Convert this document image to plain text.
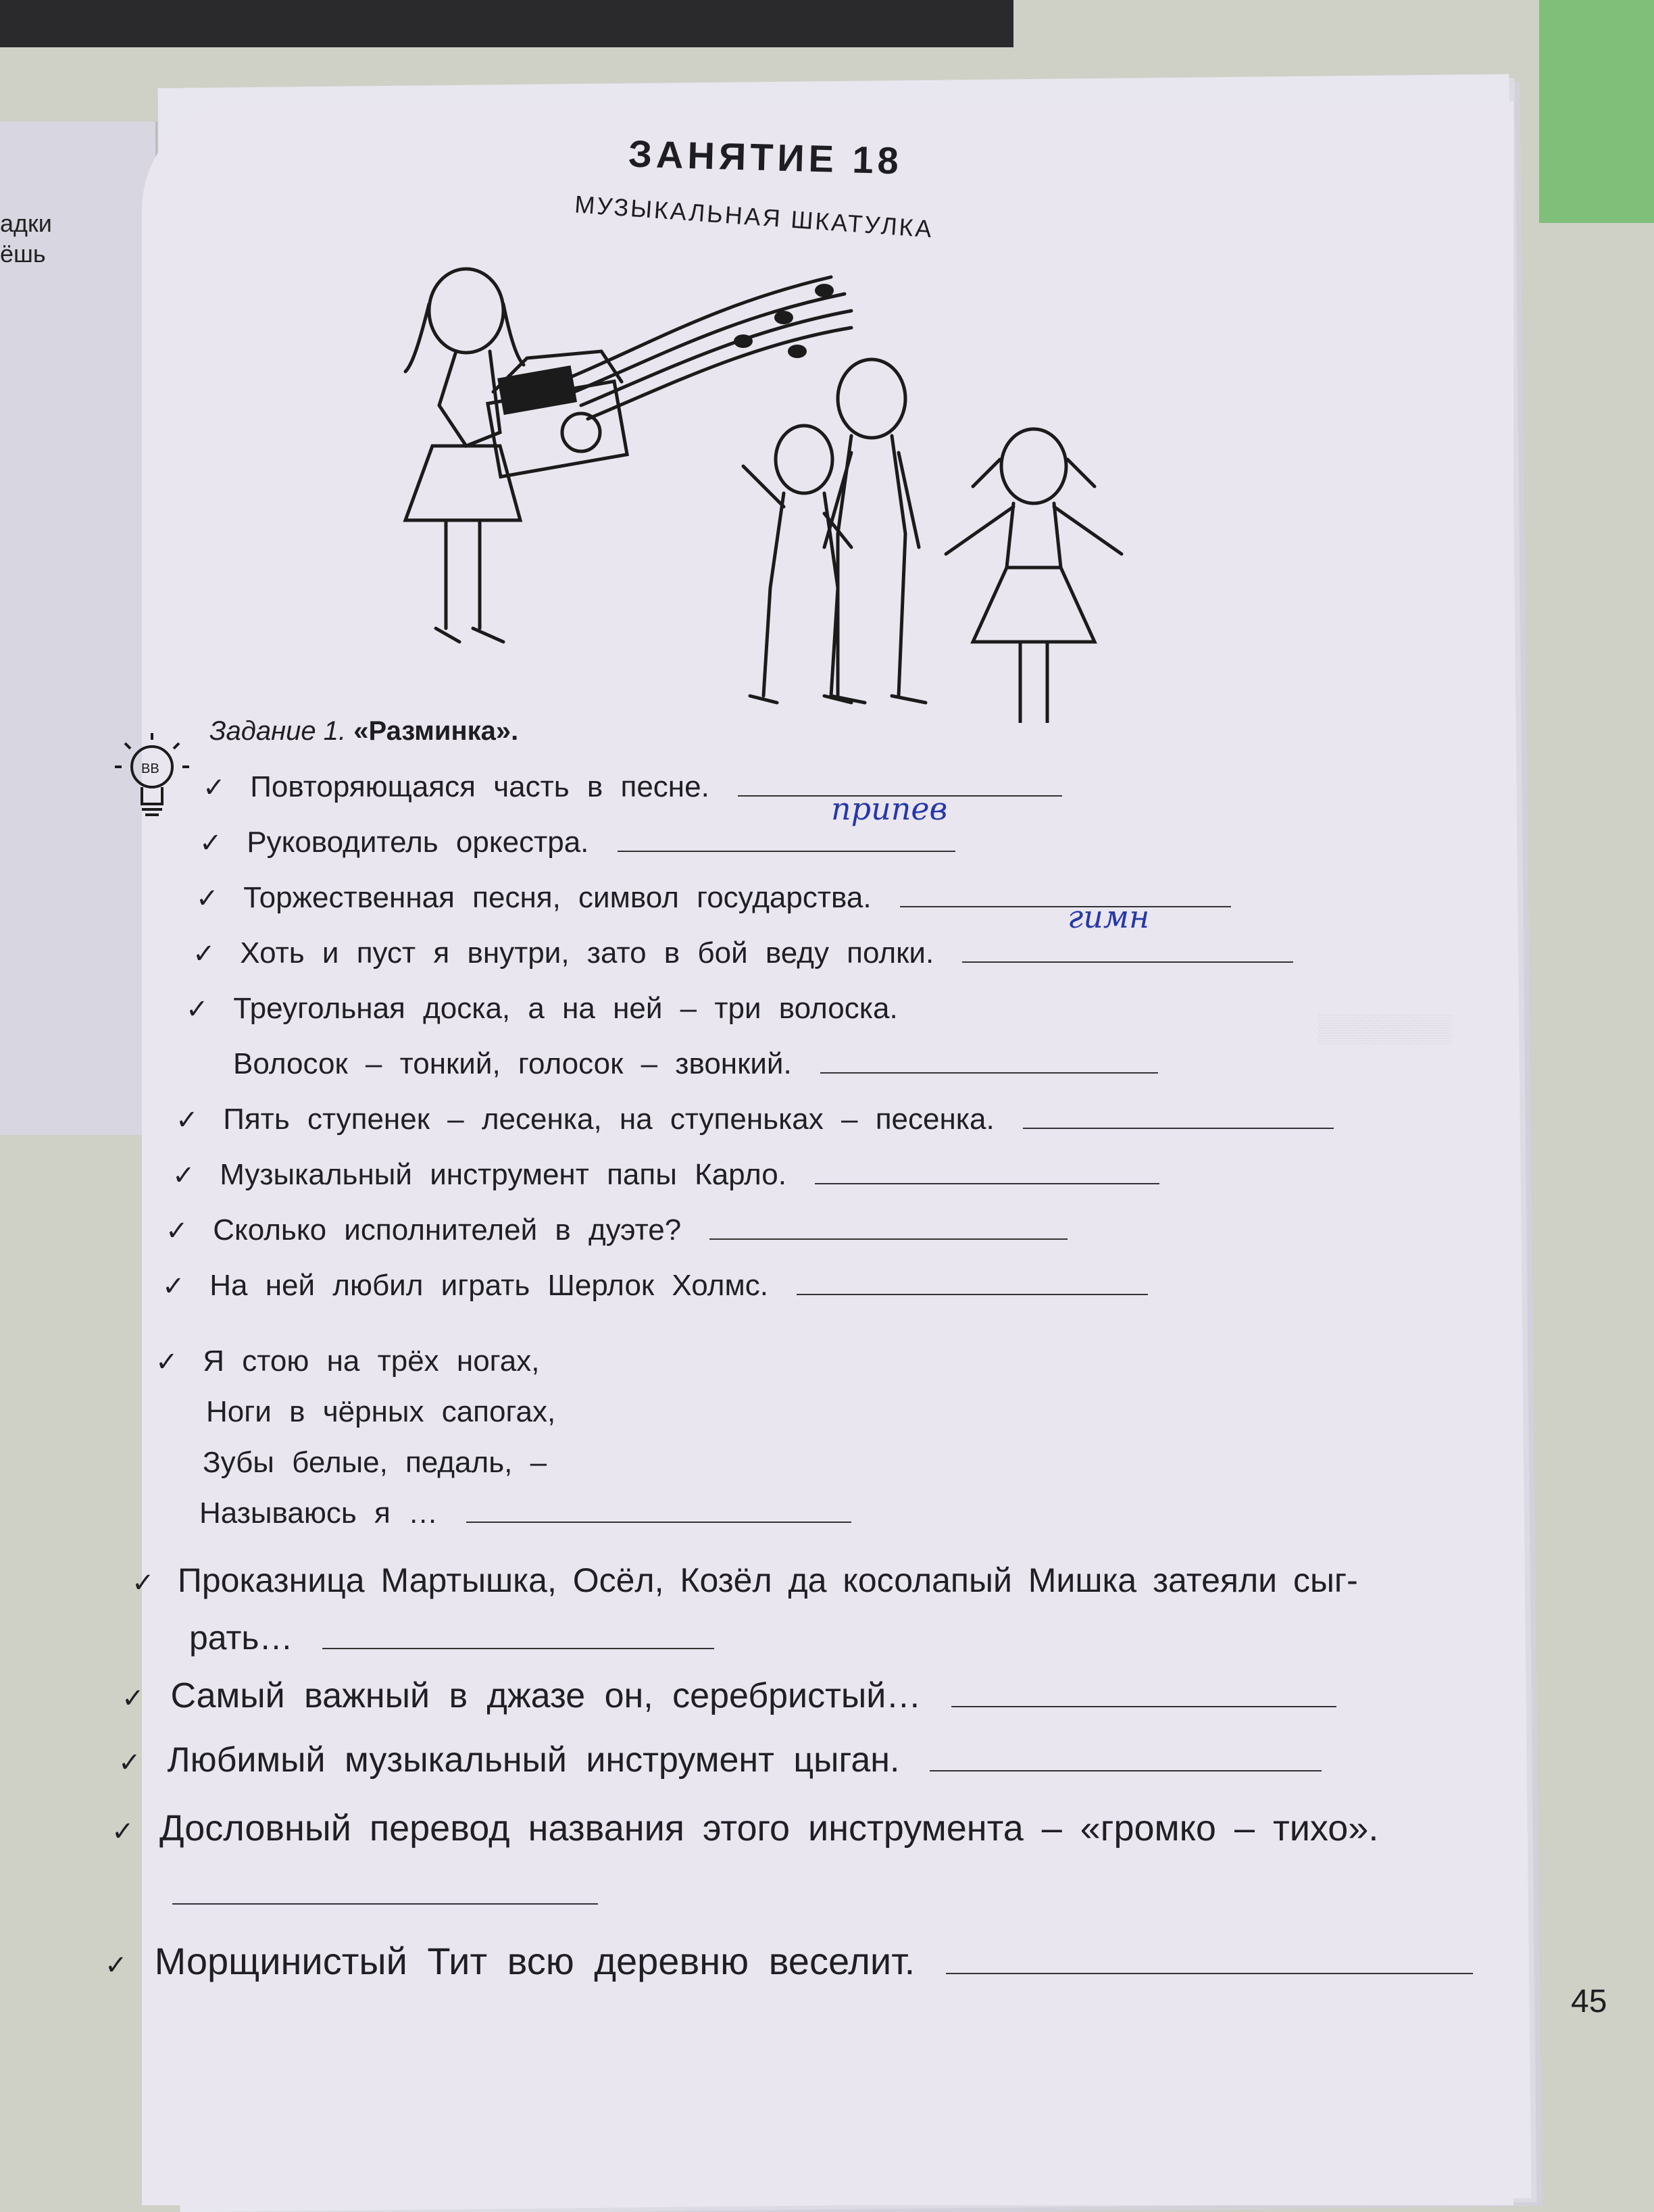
адки
ёшь
▒▒▒▒▒▒▒
ЗАНЯТИЕ 18
МУЗЫКАЛЬНАЯ ШКАТУЛКА
ВВ
Задание 1. «Разминка».
✓ Повторяющаяся часть в песне.
припев
✓ Руководитель оркестра.
✓ Торжественная песня, символ государства.
гимн
✓ Хоть и пуст я внутри, зато в бой веду полки.
✓ Треугольная доска, а на ней – три волоска.
Волосок – тонкий, голосок – звонкий.
✓ Пять ступенек – лесенка, на ступеньках – песенка.
✓ Музыкальный инструмент папы Карло.
✓ Сколько исполнителей в дуэте?
✓ На ней любил играть Шерлок Холмс.
✓ Я стою на трёх ногах,
Ноги в чёрных сапогах,
Зубы белые, педаль, –
Называюсь я …
✓ Проказница Мартышка, Осёл, Козёл да косолапый Мишка затеяли сыг-
рать…
✓ Самый важный в джазе он, серебристый…
✓ Любимый музыкальный инструмент цыган.
✓ Дословный перевод названия этого инструмента – «громко – тихо».
✓ Морщинистый Тит всю деревню веселит.
45
